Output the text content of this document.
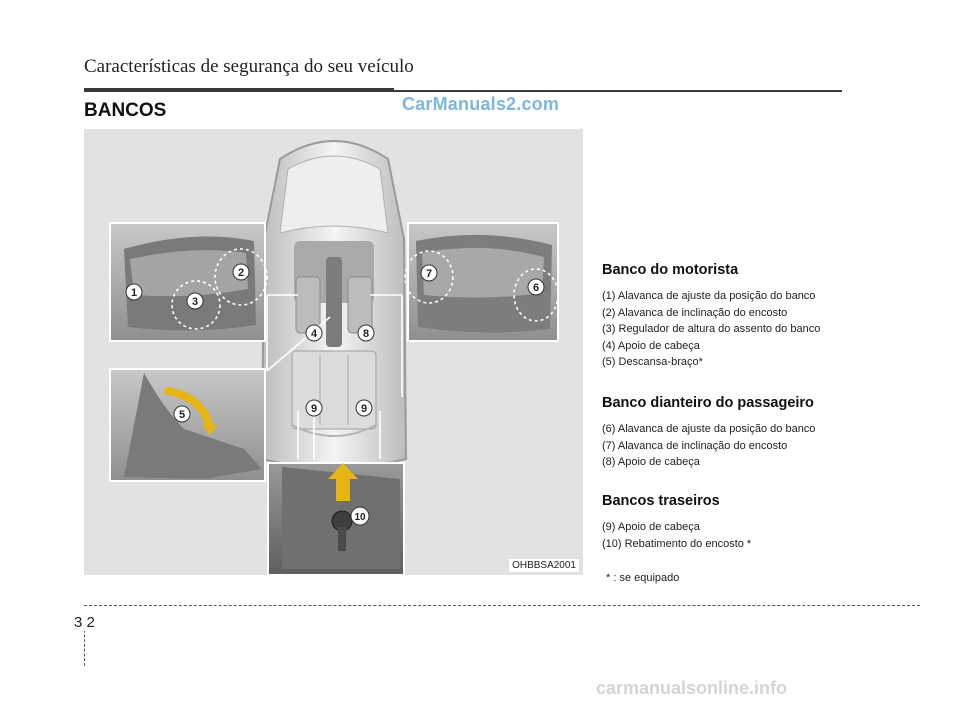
Características de segurança do seu veículo
BANCOS	CarManuals2.com
1
2
3
4
5
6
7
8
9	9
10
OHBBSA2001
Banco do motorista
(1) Alavanca de ajuste da posição do banco
(2) Alavanca de inclinação do encosto
(3) Regulador de altura do assento do banco
(4) Apoio de cabeça
(5) Descansa-braço*
Banco dianteiro do passageiro
(6) Alavanca de ajuste da posição do banco
(7) Alavanca de inclinação do encosto
(8) Apoio de cabeça
Bancos traseiros
(9) Apoio de cabeça
(10) Rebatimento do encosto *
* : se equipado
3 2
carmanualsonline.info
